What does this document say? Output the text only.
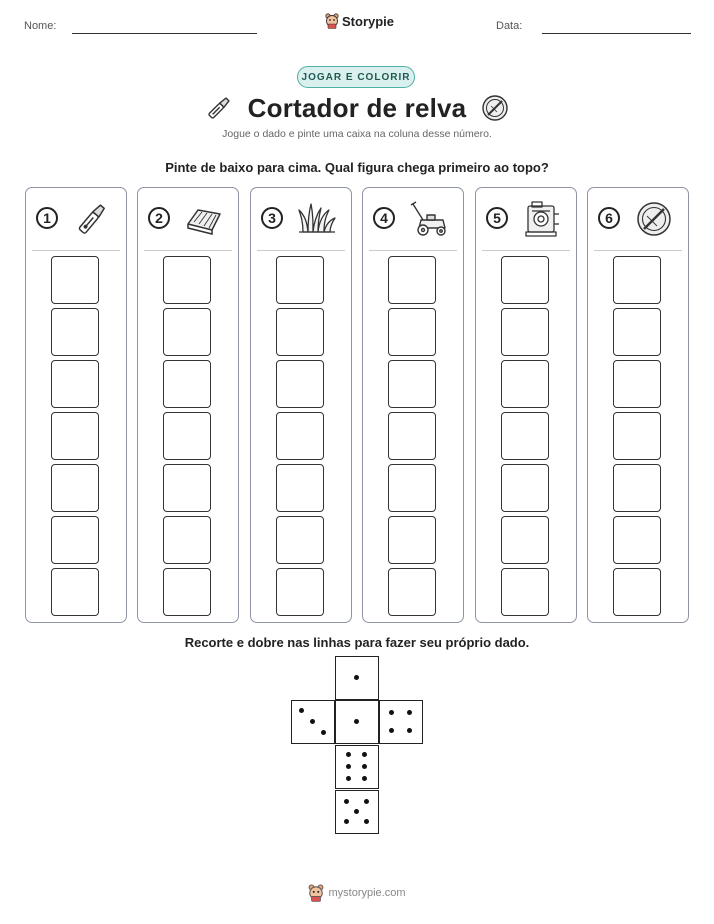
Nome:	Storypie	Data:
JOGAR E COLORIR
Cortador de relva
Jogue o dado e pinte uma caixa na coluna desse número.
Pinte de baixo para cima. Qual figura chega primeiro ao topo?
1	2	3	4	5	6
Recorte e dobre nas linhas para fazer seu próprio dado.
mystorypie.com
